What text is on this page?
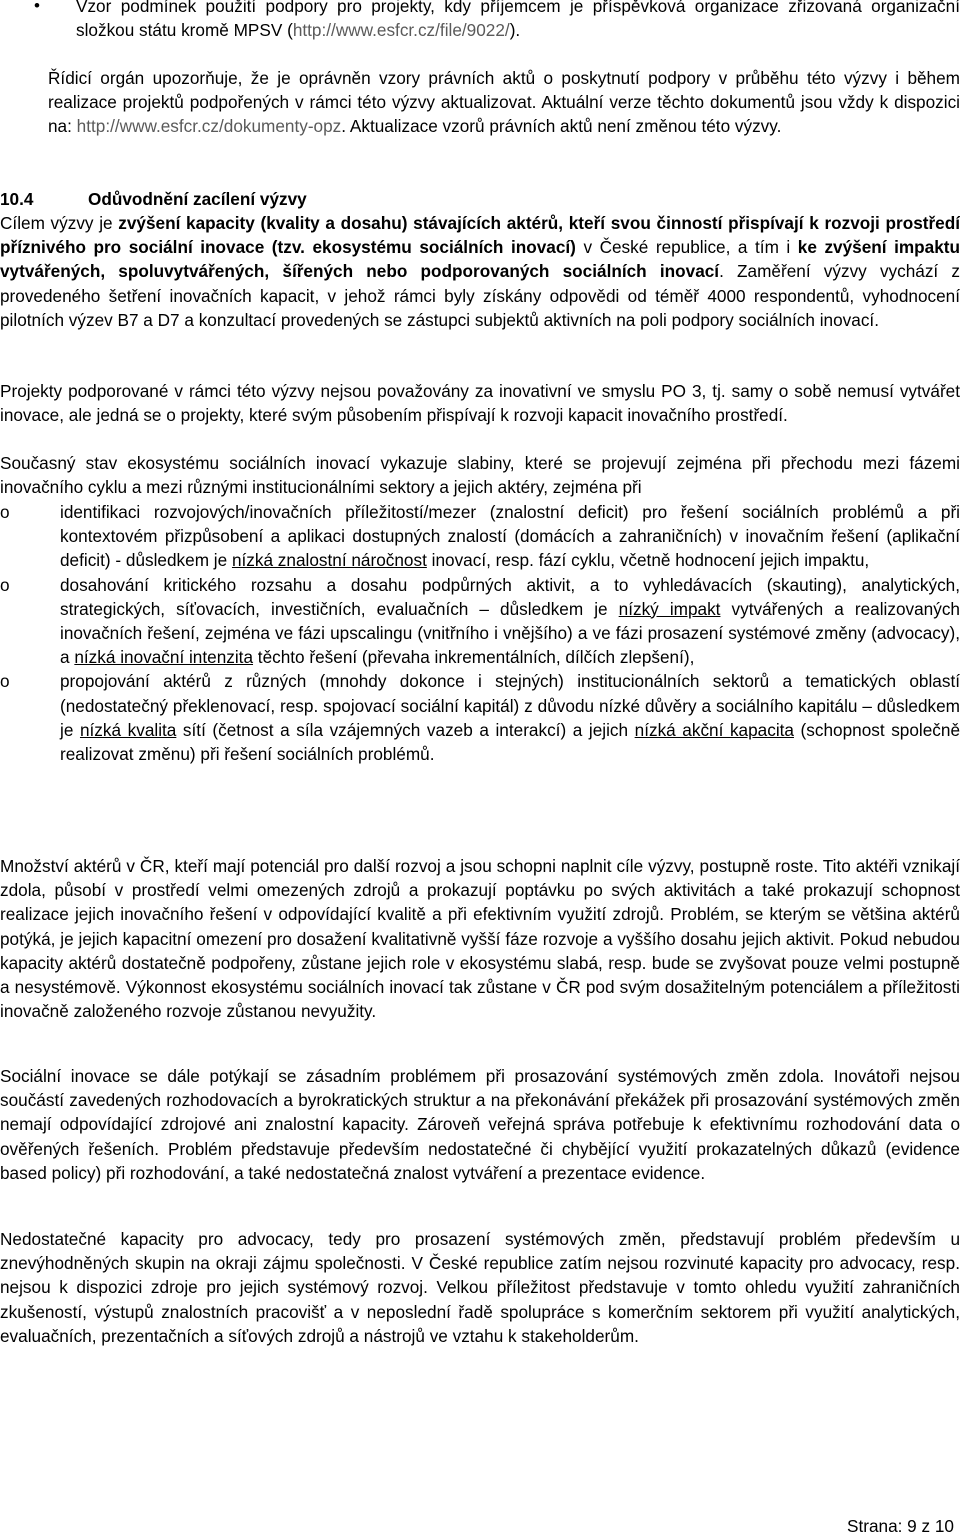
• Vzor podmínek použití podpory pro projekty, kdy příjemcem je příspěvková organizace zřizovaná organizační složkou státu kromě MPSV (http://www.esfcr.cz/file/9022/).

Řídicí orgán upozorňuje, že je oprávněn vzory právních aktů o poskytnutí podpory v průběhu této výzvy i během realizace projektů podpořených v rámci této výzvy aktualizovat. Aktuální verze těchto dokumentů jsou vždy k dispozici na: http://www.esfcr.cz/dokumenty-opz. Aktualizace vzorů právních aktů není změnou této výzvy.

10.4	Odůvodnění zacílení výzvy

Cílem výzvy je zvýšení kapacity (kvality a dosahu) stávajících aktérů, kteří svou činností přispívají k rozvoji prostředí příznivého pro sociální inovace (tzv. ekosystému sociálních inovací) v České republice, a tím i ke zvýšení impaktu vytvářených, spoluvytvářených, šířených nebo podporovaných sociálních inovací. Zaměření výzvy vychází z provedeného šetření inovačních kapacit, v jehož rámci byly získány odpovědi od téměř 4000 respondentů, vyhodnocení pilotních výzev B7 a D7 a konzultací provedených se zástupci subjektů aktivních na poli podpory sociálních inovací.

Projekty podporované v rámci této výzvy nejsou považovány za inovativní ve smyslu PO 3, tj. samy o sobě nemusí vytvářet inovace, ale jedná se o projekty, které svým působením přispívají k rozvoji kapacit inovačního prostředí.

Současný stav ekosystému sociálních inovací vykazuje slabiny, které se projevují zejména při přechodu mezi fázemi inovačního cyklu a mezi různými institucionálními sektory a jejich aktéry, zejména při

o	identifikaci rozvojových/inovačních příležitostí/mezer (znalostní deficit) pro řešení sociálních problémů a při kontextovém přizpůsobení a aplikaci dostupných znalostí (domácích a zahraničních) v inovačním řešení (aplikační deficit) - důsledkem je nízká znalostní náročnost inovací, resp. fází cyklu, včetně hodnocení jejich impaktu,

o	dosahování kritického rozsahu a dosahu podpůrných aktivit, a to vyhledávacích (skauting), analytických, strategických, síťovacích, investičních, evaluačních – důsledkem je nízký impakt vytvářených a realizovaných inovačních řešení, zejména ve fázi upscalingu (vnitřního i vnějšího) a ve fázi prosazení systémové změny (advocacy), a nízká inovační intenzita těchto řešení (převaha inkrementálních, dílčích zlepšení),

o	propojování aktérů z různých (mnohdy dokonce i stejných) institucionálních sektorů a tematických oblastí (nedostatečný překlenovací, resp. spojovací sociální kapitál) z důvodu nízké důvěry a sociálního kapitálu – důsledkem je nízká kvalita sítí (četnost a síla vzájemných vazeb a interakcí) a jejich nízká akční kapacita (schopnost společně realizovat změnu) při řešení sociálních problémů.

Množství aktérů v ČR, kteří mají potenciál pro další rozvoj a jsou schopni naplnit cíle výzvy, postupně roste. Tito aktéři vznikají zdola, působí v prostředí velmi omezených zdrojů a prokazují poptávku po svých aktivitách a také prokazují schopnost realizace jejich inovačního řešení v odpovídající kvalitě a při efektivním využití zdrojů. Problém, se kterým se většina aktérů potýká, je jejich kapacitní omezení pro dosažení kvalitativně vyšší fáze rozvoje a vyššího dosahu jejich aktivit. Pokud nebudou kapacity aktérů dostatečně podpořeny, zůstane jejich role v ekosystému slabá, resp. bude se zvyšovat pouze velmi postupně a nesystémově. Výkonnost ekosystému sociálních inovací tak zůstane v ČR pod svým dosažitelným potenciálem a příležitosti inovačně založeného rozvoje zůstanou nevyužity.

Sociální inovace se dále potýkají se zásadním problémem při prosazování systémových změn zdola. Inovátoři nejsou součástí zavedených rozhodovacích a byrokratických struktur a na překonávání překážek při prosazování systémových změn nemají odpovídající zdrojové ani znalostní kapacity. Zároveň veřejná správa potřebuje k efektivnímu rozhodování data o ověřených řešeních. Problém představuje především nedostatečné či chybějící využití prokazatelných důkazů (evidence based policy) při rozhodování, a také nedostatečná znalost vytváření a prezentace evidence.

Nedostatečné kapacity pro advocacy, tedy pro prosazení systémových změn, představují problém především u znevýhodněných skupin na okraji zájmu společnosti. V České republice zatím nejsou rozvinuté kapacity pro advocacy, resp. nejsou k dispozici zdroje pro jejich systémový rozvoj. Velkou příležitost představuje v tomto ohledu využití zahraničních zkušeností, výstupů znalostních pracovišť a v neposlední řadě spolupráce s komerčním sektorem při využití analytických, evaluačních, prezentačních a síťových zdrojů a nástrojů ve vztahu k stakeholderům.

Strana: 9 z 10
